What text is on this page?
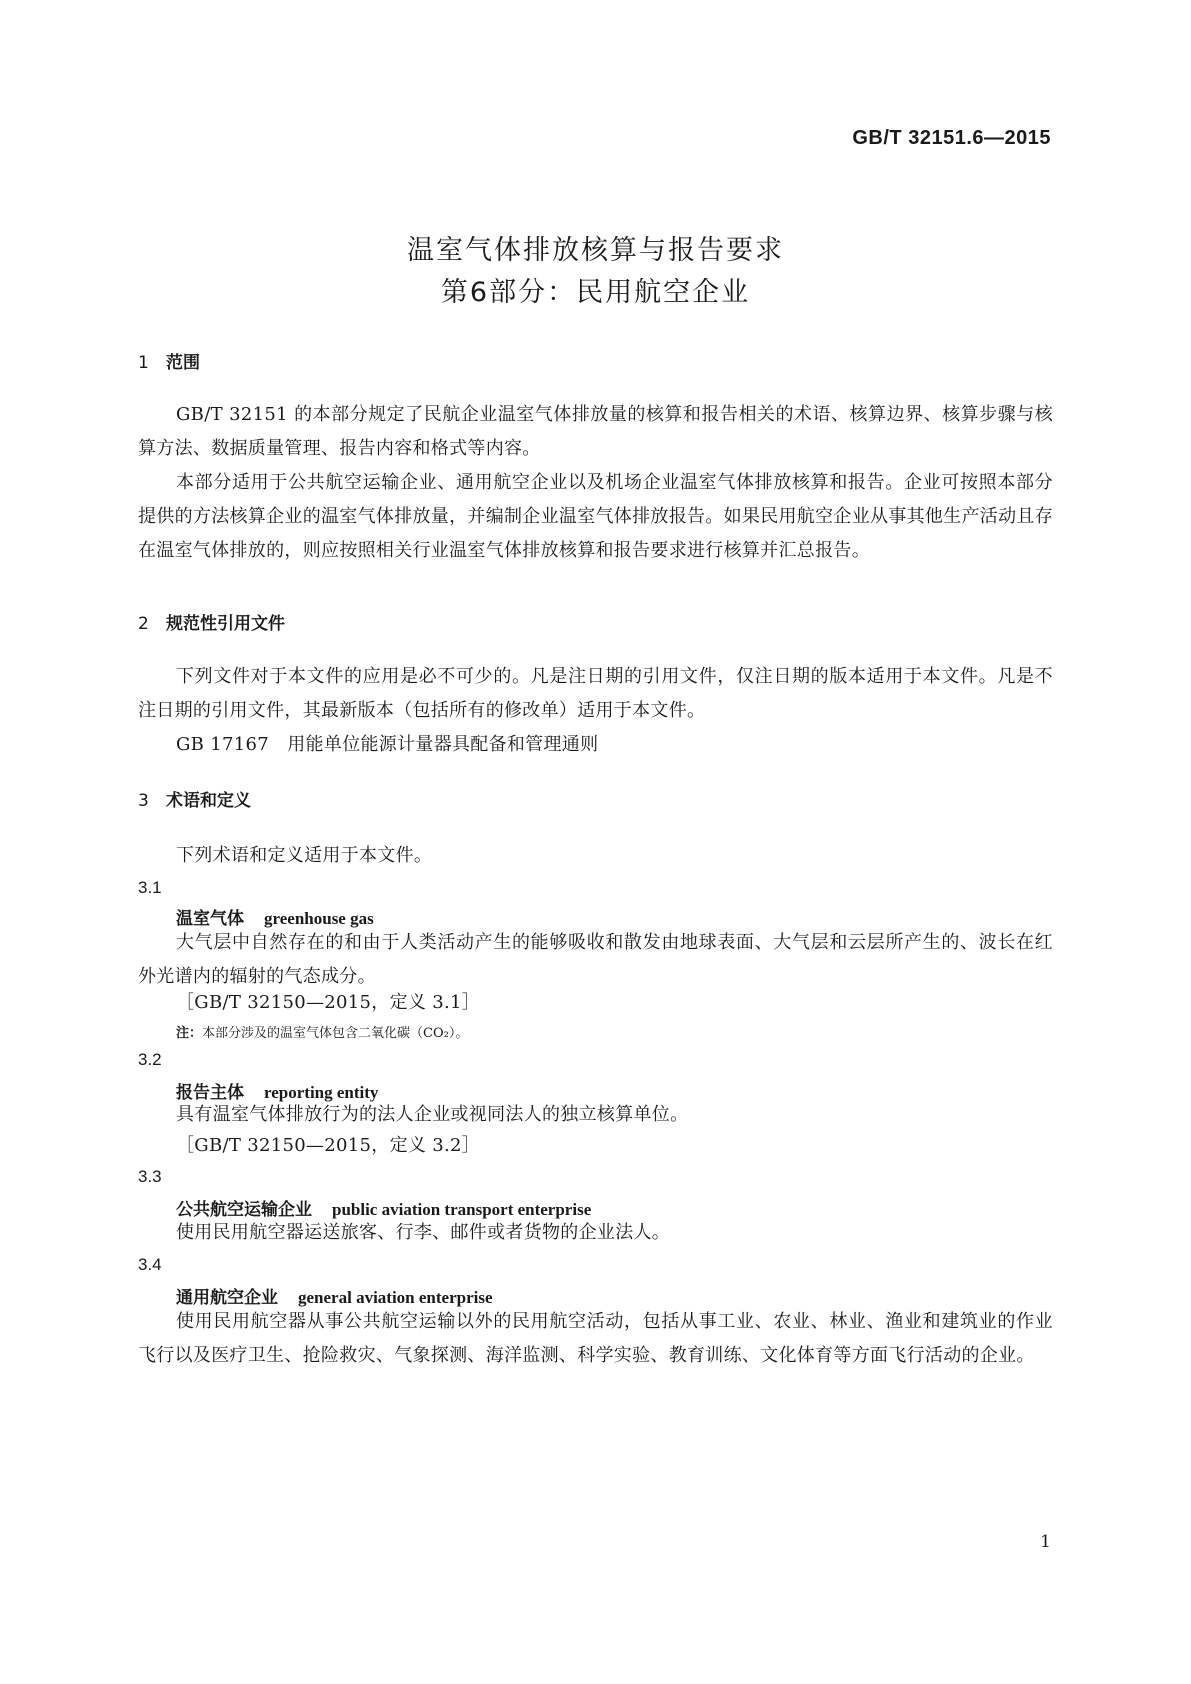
GB/T 32151.6—2015
温室气体排放核算与报告要求
第6部分：民用航空企业
1 范围
GB/T 32151 的本部分规定了民航企业温室气体排放量的核算和报告相关的术语、核算边界、核算步骤与核算方法、数据质量管理、报告内容和格式等内容。
本部分适用于公共航空运输企业、通用航空企业以及机场企业温室气体排放核算和报告。企业可按照本部分提供的方法核算企业的温室气体排放量，并编制企业温室气体排放报告。如果民用航空企业从事其他生产活动且存在温室气体排放的，则应按照相关行业温室气体排放核算和报告要求进行核算并汇总报告。
2 规范性引用文件
下列文件对于本文件的应用是必不可少的。凡是注日期的引用文件，仅注日期的版本适用于本文件。凡是不注日期的引用文件，其最新版本（包括所有的修改单）适用于本文件。
GB 17167　用能单位能源计量器具配备和管理通则
3 术语和定义
下列术语和定义适用于本文件。
3.1
温室气体 greenhouse gas
大气层中自然存在的和由于人类活动产生的能够吸收和散发由地球表面、大气层和云层所产生的、波长在红外光谱内的辐射的气态成分。
［GB/T 32150—2015，定义 3.1］
注：本部分涉及的温室气体包含二氧化碳（CO₂）。
3.2
报告主体 reporting entity
具有温室气体排放行为的法人企业或视同法人的独立核算单位。
［GB/T 32150—2015，定义 3.2］
3.3
公共航空运输企业 public aviation transport enterprise
使用民用航空器运送旅客、行李、邮件或者货物的企业法人。
3.4
通用航空企业 general aviation enterprise
使用民用航空器从事公共航空运输以外的民用航空活动，包括从事工业、农业、林业、渔业和建筑业的作业飞行以及医疗卫生、抢险救灾、气象探测、海洋监测、科学实验、教育训练、文化体育等方面飞行活动的企业。
1
